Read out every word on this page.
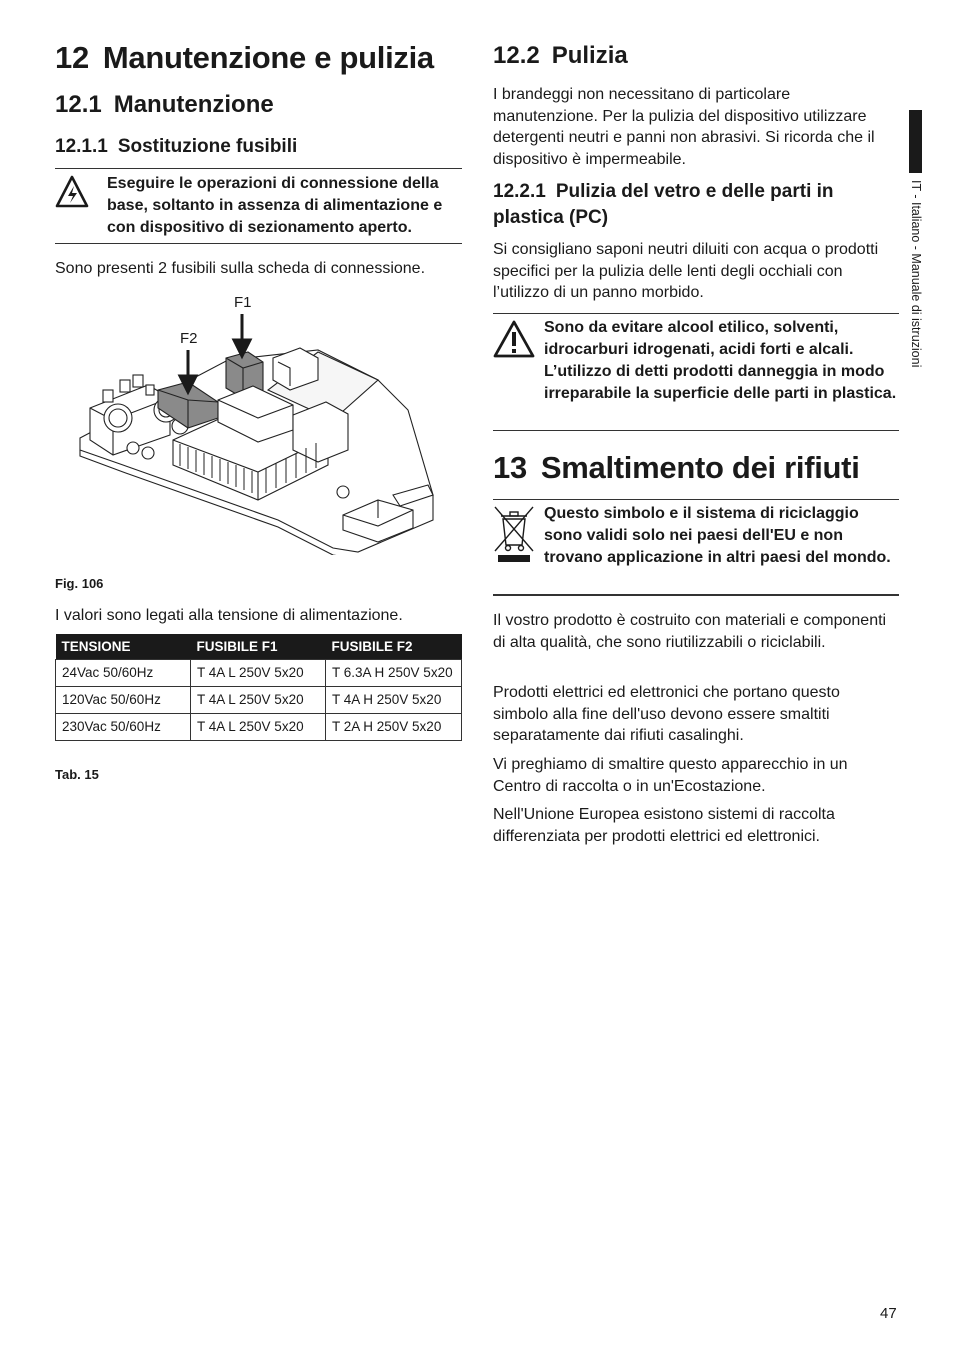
12 Manutenzione e pulizia
12.1 Manutenzione
12.1.1 Sostituzione fusibili
Eseguire le operazioni di connessione della base, soltanto in assenza di alimentazione e con dispositivo di sezionamento aperto.

Sono presenti 2 fusibili sulla scheda di connessione.

F1
F2
Fig. 106

I valori sono legati alla tensione di alimentazione.

TENSIONE	FUSIBILE F1	FUSIBILE F2
24Vac 50/60Hz	T 4A L 250V 5x20	T 6.3A H 250V 5x20
120Vac 50/60Hz	T 4A L 250V 5x20	T 4A H 250V 5x20
230Vac 50/60Hz	T 4A L 250V 5x20	T 2A H 250V 5x20
Tab. 15
12.2 Pulizia

I brandeggi non necessitano di particolare manutenzione. Per la pulizia del dispositivo utilizzare detergenti neutri e panni non abrasivi. Si ricorda che il dispositivo è impermeabile.

12.2.1 Pulizia del vetro e delle parti in plastica (PC)

Si consigliano saponi neutri diluiti con acqua o prodotti specifici per la pulizia delle lenti degli occhiali con l’utilizzo di un panno morbido.

Sono da evitare alcool etilico, solventi, idrocarburi idrogenati, acidi forti e alcali. L’utilizzo di detti prodotti danneggia in modo irreparabile la superficie delle parti in plastica.
13 Smaltimento dei rifiuti
Questo simbolo e il sistema di riciclaggio sono validi solo nei paesi dell'EU e non trovano applicazione in altri paesi del mondo.

Il vostro prodotto è costruito con materiali e componenti di alta qualità, che sono riutilizzabili o riciclabili.

Prodotti elettrici ed elettronici che portano questo simbolo alla fine dell'uso devono essere smaltiti separatamente dai rifiuti casalinghi.

Vi preghiamo di smaltire questo apparecchio in un Centro di raccolta o in un'Ecostazione.

Nell'Unione Europea esistono sistemi di raccolta differenziata per prodotti elettrici ed elettronici.

IT - Italiano - Manuale di istruzioni
47
